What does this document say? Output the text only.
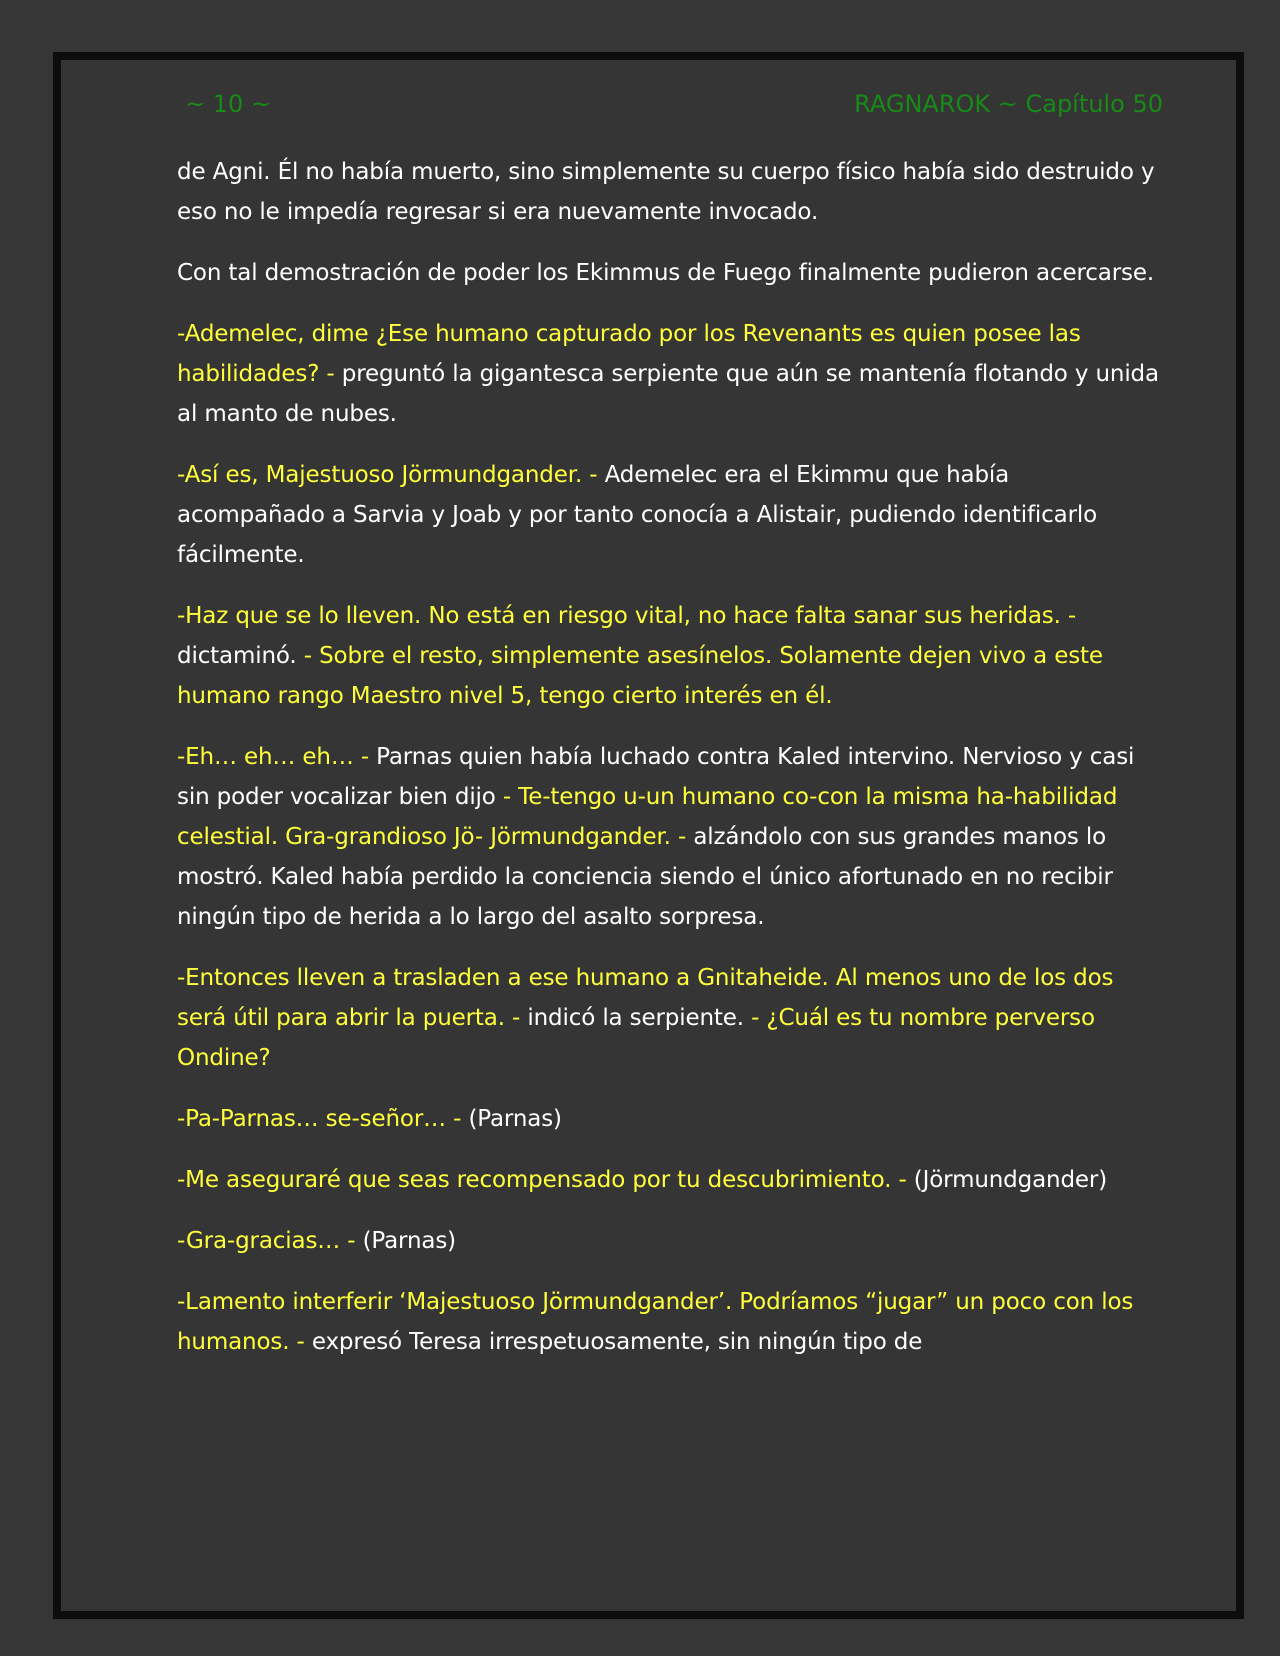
~ 10 ~	RAGNAROK ~ Capítulo 50

de Agni. Él no había muerto, sino simplemente su cuerpo físico había sido destruido y eso no le impedía regresar si era nuevamente invocado.

Con tal demostración de poder los Ekimmus de Fuego finalmente pudieron acercarse.

-Ademelec, dime ¿Ese humano capturado por los Revenants es quien posee las habilidades? - preguntó la gigantesca serpiente que aún se mantenía flotando y unida al manto de nubes.

-Así es, Majestuoso Jörmundgander. - Ademelec era el Ekimmu que había acompañado a Sarvia y Joab y por tanto conocía a Alistair, pudiendo identificarlo fácilmente.

-Haz que se lo lleven. No está en riesgo vital, no hace falta sanar sus heridas. - dictaminó. - Sobre el resto, simplemente asesínelos. Solamente dejen vivo a este humano rango Maestro nivel 5, tengo cierto interés en él.

-Eh… eh… eh… - Parnas quien había luchado contra Kaled intervino. Nervioso y casi sin poder vocalizar bien dijo - Te-tengo u-un humano co-con la misma ha-habilidad celestial. Gra-grandioso Jö- Jörmundgander. - alzándolo con sus grandes manos lo mostró. Kaled había perdido la conciencia siendo el único afortunado en no recibir ningún tipo de herida a lo largo del asalto sorpresa.

-Entonces lleven a trasladen a ese humano a Gnitaheide. Al menos uno de los dos será útil para abrir la puerta. - indicó la serpiente. - ¿Cuál es tu nombre perverso Ondine?

-Pa-Parnas… se-señor… - (Parnas)

-Me aseguraré que seas recompensado por tu descubrimiento. - (Jörmundgander)

-Gra-gracias… - (Parnas)

-Lamento interferir ‘Majestuoso Jörmundgander’. Podríamos “jugar” un poco con los humanos. - expresó Teresa irrespetuosamente, sin ningún tipo de
